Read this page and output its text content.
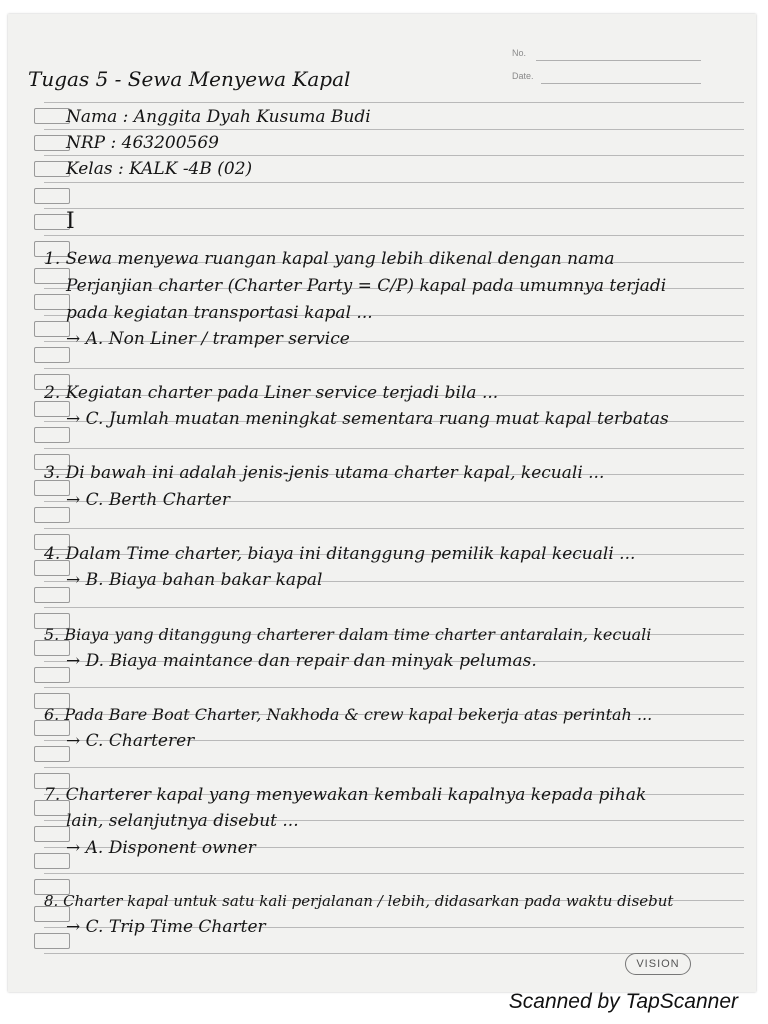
No.
Date.
Tugas 5 - Sewa Menyewa Kapal
Nama : Anggita Dyah Kusuma Budi
NRP : 463200569
Kelas : KALK -4B (02)
I
1. Sewa menyewa ruangan kapal yang lebih dikenal dengan nama
Perjanjian charter (Charter Party = C/P) kapal pada umumnya terjadi
pada kegiatan transportasi kapal ...
→ A. Non Liner / tramper service
2. Kegiatan charter pada Liner service terjadi bila ...
→ C. Jumlah muatan meningkat sementara ruang muat kapal terbatas
3. Di bawah ini adalah jenis-jenis utama charter kapal, kecuali ...
→ C. Berth Charter
4. Dalam Time charter, biaya ini ditanggung pemilik kapal kecuali ...
→ B. Biaya bahan bakar kapal
5. Biaya yang ditanggung charterer dalam time charter antaralain, kecuali
→ D. Biaya maintance dan repair dan minyak pelumas.
6. Pada Bare Boat Charter, Nakhoda & crew kapal bekerja atas perintah ...
→ C. Charterer
7. Charterer kapal yang menyewakan kembali kapalnya kepada pihak
lain, selanjutnya disebut ...
→ A. Disponent owner
8. Charter kapal untuk satu kali perjalanan / lebih, didasarkan pada waktu disebut
→ C. Trip Time Charter
VISION
Scanned by TapScanner
